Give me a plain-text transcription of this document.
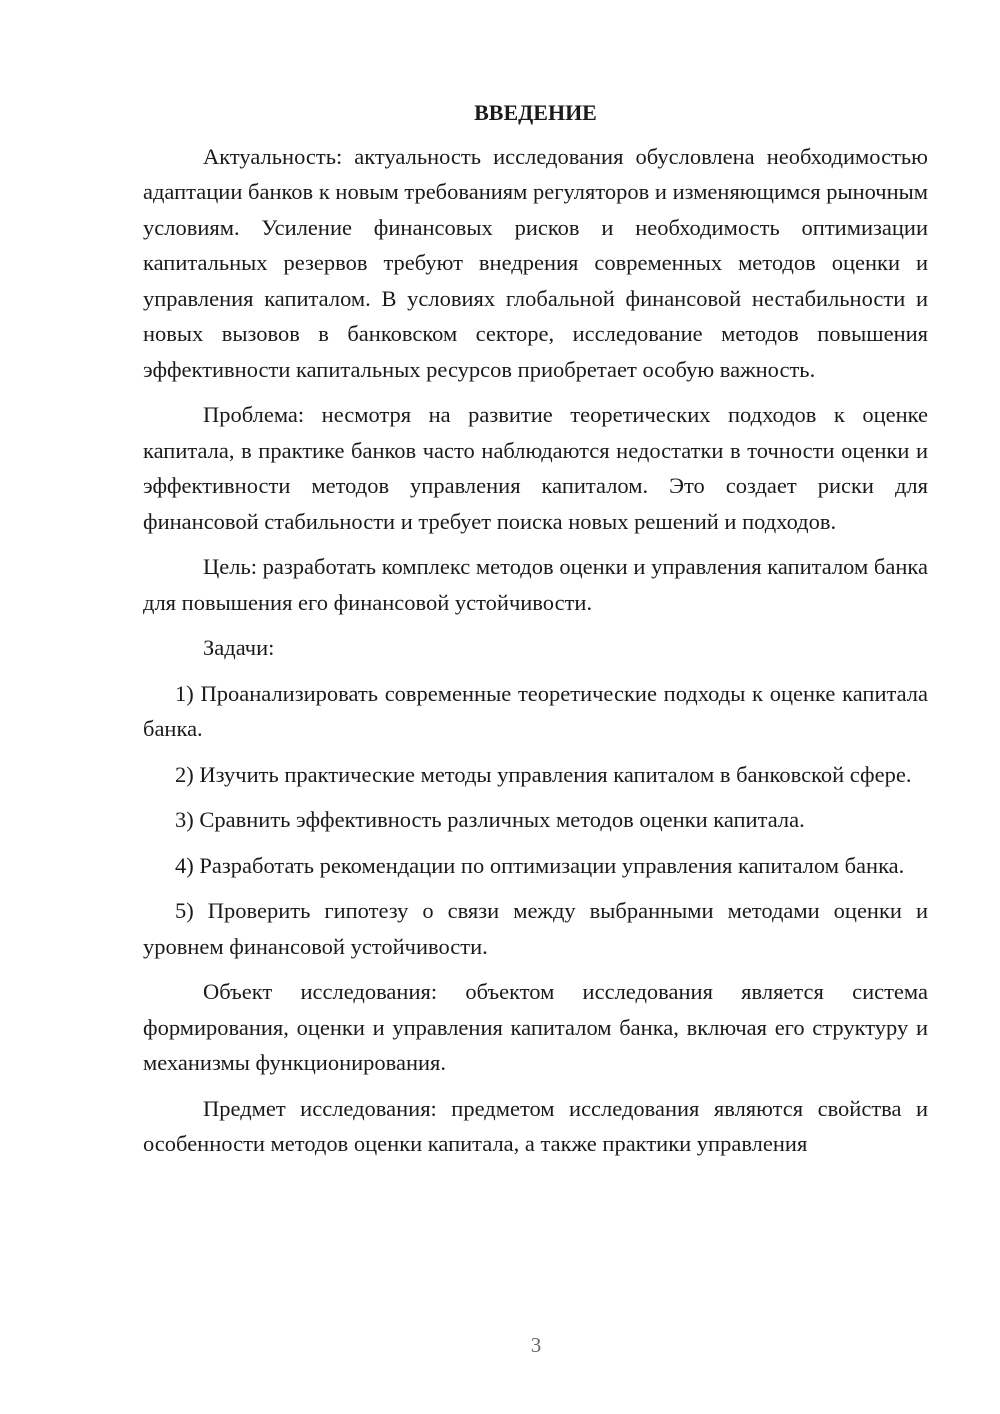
ВВЕДЕНИЕ

Актуальность: актуальность исследования обусловлена необходимостью адаптации банков к новым требованиям регуляторов и изменяющимся рыночным условиям. Усиление финансовых рисков и необходимость оптимизации капитальных резервов требуют внедрения современных методов оценки и управления капиталом. В условиях глобальной финансовой нестабильности и новых вызовов в банковском секторе, исследование методов повышения эффективности капитальных ресурсов приобретает особую важность.

Проблема: несмотря на развитие теоретических подходов к оценке капитала, в практике банков часто наблюдаются недостатки в точности оценки и эффективности методов управления капиталом. Это создает риски для финансовой стабильности и требует поиска новых решений и подходов.

Цель: разработать комплекс методов оценки и управления капиталом банка для повышения его финансовой устойчивости.

Задачи:

1) Проанализировать современные теоретические подходы к оценке капитала банка.

2) Изучить практические методы управления капиталом в банковской сфере.

3) Сравнить эффективность различных методов оценки капитала.

4) Разработать рекомендации по оптимизации управления капиталом банка.

5) Проверить гипотезу о связи между выбранными методами оценки и уровнем финансовой устойчивости.

Объект исследования: объектом исследования является система формирования, оценки и управления капиталом банка, включая его структуру и механизмы функционирования.

Предмет исследования: предметом исследования являются свойства и особенности методов оценки капитала, а также практики управления

3
